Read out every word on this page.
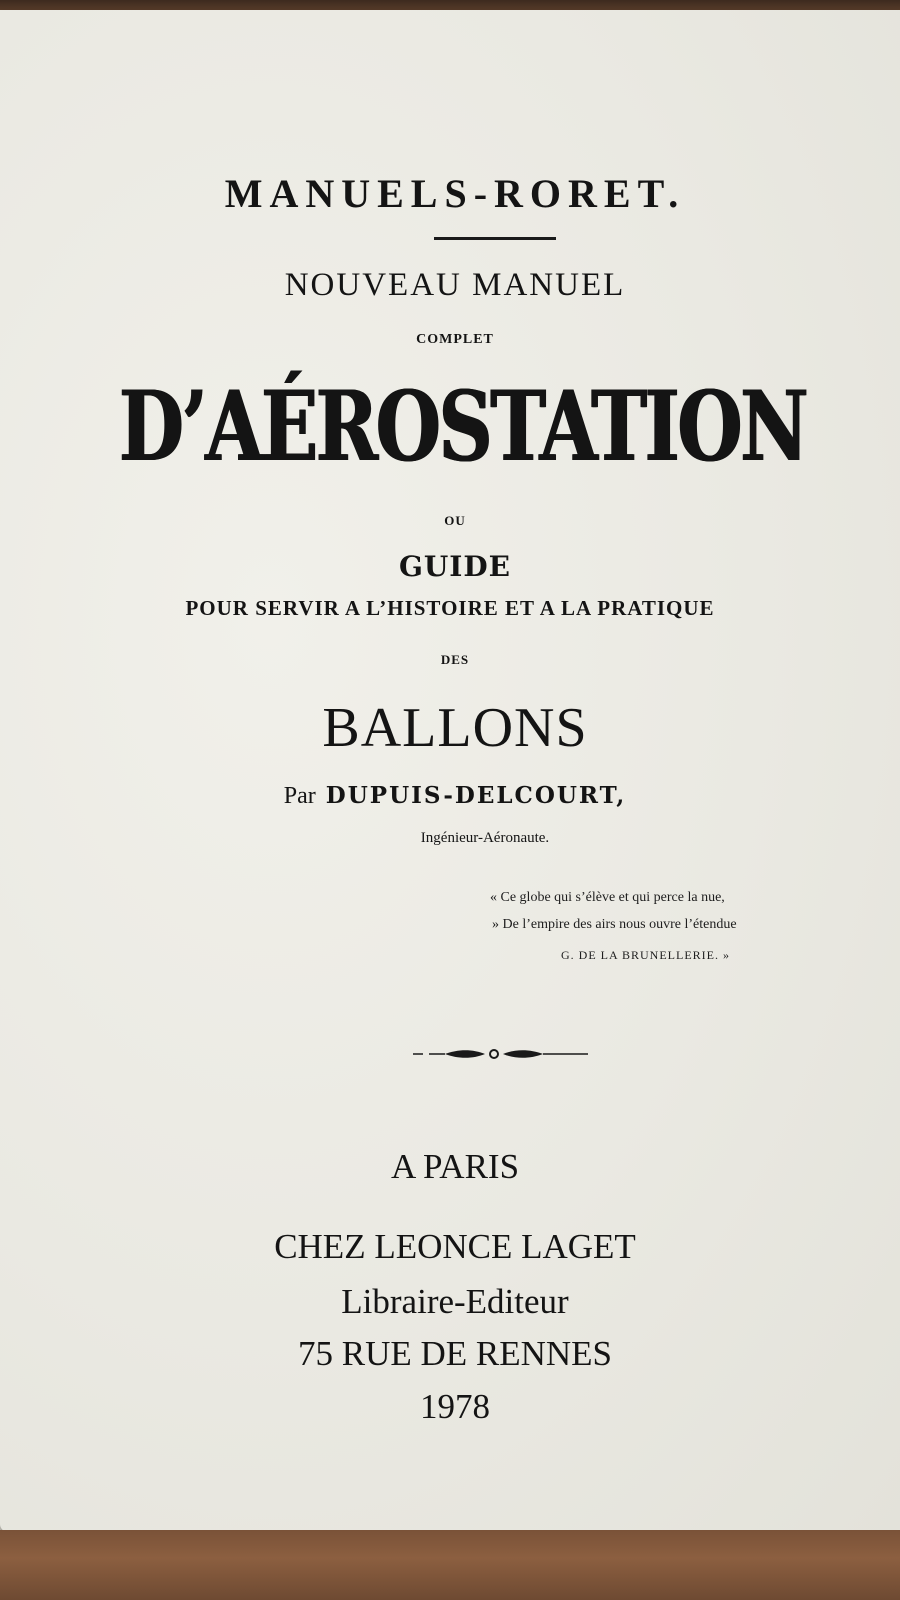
MANUELS-RORET.
NOUVEAU MANUEL
COMPLET
D’AÉROSTATION
OU
GUIDE
POUR SERVIR A L’HISTOIRE ET A LA PRATIQUE
DES
BALLONS
Par DUPUIS-DELCOURT,
Ingénieur-Aéronaute.
« Ce globe qui s’élève et qui perce la nue,
» De l’empire des airs nous ouvre l’étendue
G. DE LA BRUNELLERIE. »
A PARIS
CHEZ LEONCE LAGET
Libraire-Editeur
75 RUE DE RENNES
1978
